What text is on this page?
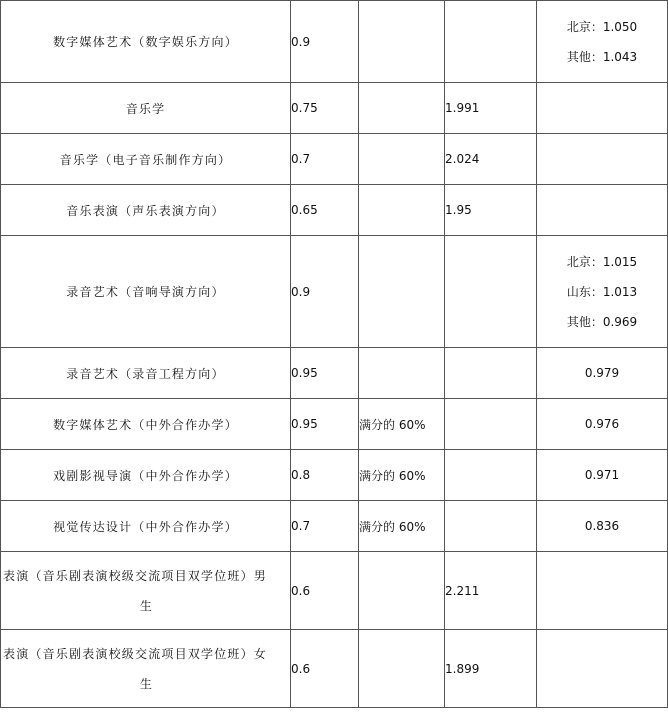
数字媒体艺术（数字娱乐方向）	0.9			北京：1.050
其他：1.043

音乐学	0.75		1.991	
音乐学（电子音乐制作方向）	0.7		2.024	
音乐表演（声乐表演方向）	0.65		1.95	
录音艺术（音响导演方向）	0.9			北京：1.015
山东：1.013
其他：0.969

录音艺术（录音工程方向）	0.95			0.979
数字媒体艺术（中外合作办学）	0.95	满分的 60%		0.976
戏剧影视导演（中外合作办学）	0.8	满分的 60%		0.971
视觉传达设计（中外合作办学）	0.7	满分的 60%		0.836

表演（音乐剧表演校级交流项目双学位班）男
生	0.6		2.211	

表演（音乐剧表演校级交流项目双学位班）女
生	0.6		1.899	
